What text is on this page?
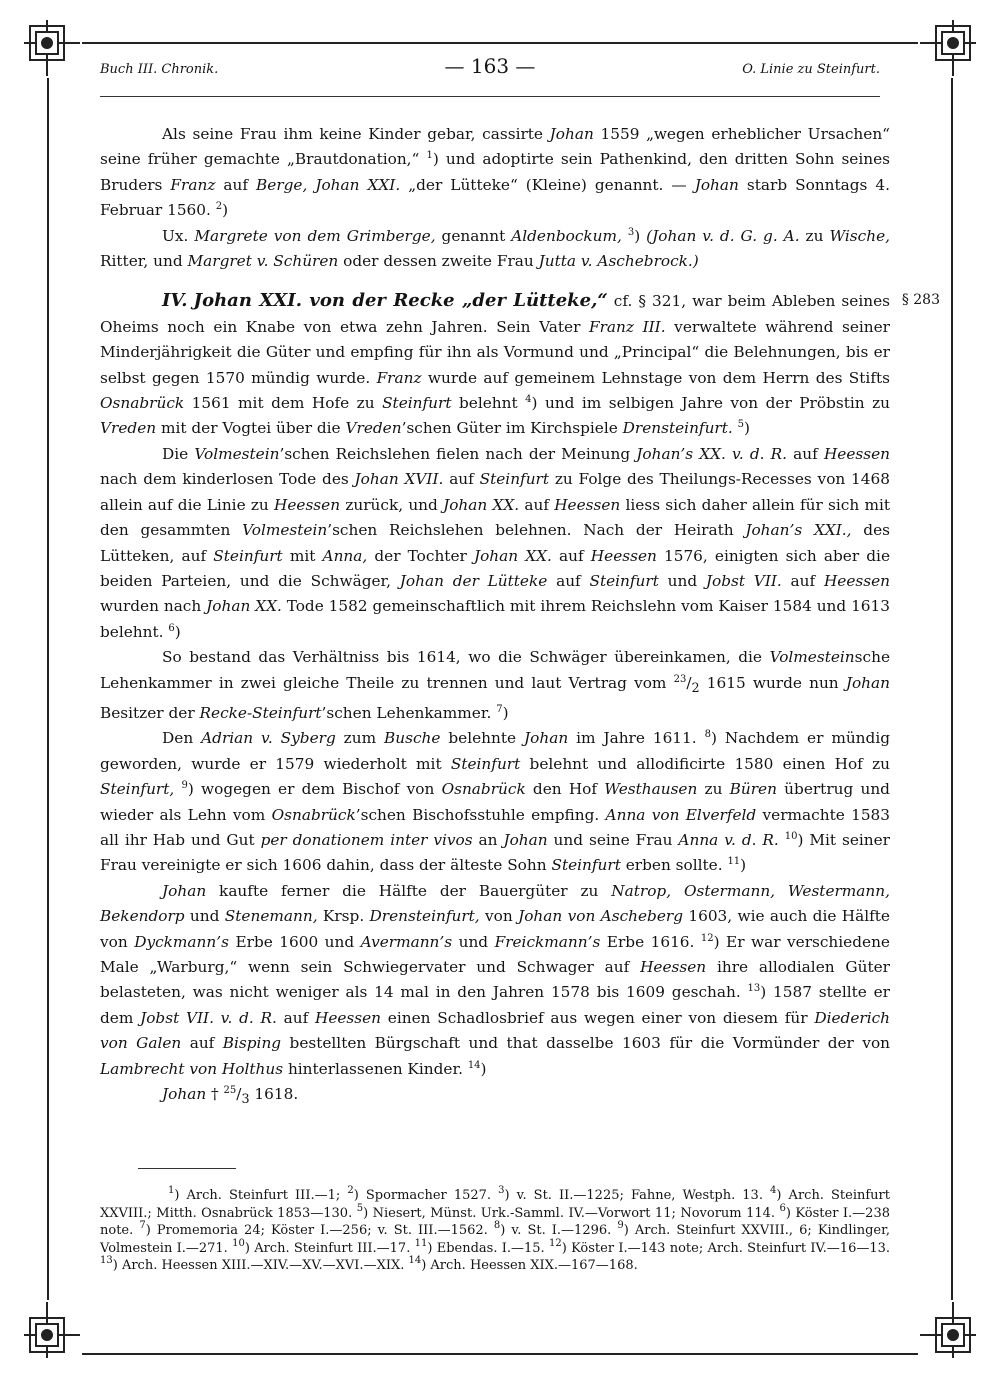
Buch III. Chronik.	— 163 —	O. Linie zu Steinfurt.

Als seine Frau ihm keine Kinder gebar, cassirte Johan 1559 „wegen erheblicher Ursachen“ seine früher gemachte „Brautdonation,“ $^1$) und adoptirte sein Pathenkind, den dritten Sohn seines Bruders Franz auf Berge, Johan XXI. „der Lütteke“ (Kleine) genannt. — Johan starb Sonntags 4. Februar 1560. $^2$)

Ux. Margrete von dem Grimberge, genannt Aldenbockum, $^3$) (Johan v. d. G. g. A. zu Wische, Ritter, und Margret v. Schüren oder dessen zweite Frau Jutta v. Aschebrock.)

IV. Johan XXI. von der Recke „der Lütteke,“ cf. § 321, war beim Ableben seines Oheims noch ein Knabe von etwa zehn Jahren. Sein Vater Franz III. verwaltete während seiner Minderjährigkeit die Güter und empfing für ihn als Vormund und „Principal“ die Belehnungen, bis er selbst gegen 1570 mündig wurde. Franz wurde auf gemeinem Lehnstage von dem Herrn des Stifts Osnabrück 1561 mit dem Hofe zu Steinfurt belehnt $^4$) und im selbigen Jahre von der Pröbstin zu Vreden mit der Vogtei über die Vreden’schen Güter im Kirchspiele Drensteinfurt. $^5$)

§ 283

Die Volmestein’schen Reichslehen fielen nach der Meinung Johan’s XX. v. d. R. auf Heessen nach dem kinderlosen Tode des Johan XVII. auf Steinfurt zu Folge des Theilungs-Recesses von 1468 allein auf die Linie zu Heessen zurück, und Johan XX. auf Heessen liess sich daher allein für sich mit den gesammten Volmestein’schen Reichslehen belehnen. Nach der Heirath Johan’s XXI., des Lütteken, auf Steinfurt mit Anna, der Tochter Johan XX. auf Heessen 1576, einigten sich aber die beiden Parteien, und die Schwäger, Johan der Lütteke auf Steinfurt und Jobst VII. auf Heessen wurden nach Johan XX. Tode 1582 gemeinschaftlich mit ihrem Reichslehn vom Kaiser 1584 und 1613 belehnt. $^6$)

So bestand das Verhältniss bis 1614, wo die Schwäger übereinkamen, die Volmesteinsche Lehenkammer in zwei gleiche Theile zu trennen und laut Vertrag vom $^{23}/_2$ 1615 wurde nun Johan Besitzer der Recke-Steinfurt’schen Lehenkammer. $^7$)

Den Adrian v. Syberg zum Busche belehnte Johan im Jahre 1611. $^8$) Nachdem er mündig geworden, wurde er 1579 wiederholt mit Steinfurt belehnt und allodificirte 1580 einen Hof zu Steinfurt, $^9$) wogegen er dem Bischof von Osnabrück den Hof Westhausen zu Büren übertrug und wieder als Lehn vom Osnabrück’schen Bischofsstuhle empfing. Anna von Elverfeld vermachte 1583 all ihr Hab und Gut per donationem inter vivos an Johan und seine Frau Anna v. d. R. $^{10}$) Mit seiner Frau vereinigte er sich 1606 dahin, dass der älteste Sohn Steinfurt erben sollte. $^{11}$)

Johan kaufte ferner die Hälfte der Bauergüter zu Natrop, Ostermann, Westermann, Bekendorp und Stenemann, Krsp. Drensteinfurt, von Johan von Ascheberg 1603, wie auch die Hälfte von Dyckmann’s Erbe 1600 und Avermann’s und Freickmann’s Erbe 1616. $^{12}$) Er war verschiedene Male „Warburg,“ wenn sein Schwiegervater und Schwager auf Heessen ihre allodialen Güter belasteten, was nicht weniger als 14 mal in den Jahren 1578 bis 1609 geschah. $^{13}$) 1587 stellte er dem Jobst VII. v. d. R. auf Heessen einen Schadlosbrief aus wegen einer von diesem für Diederich von Galen auf Bisping bestellten Bürgschaft und that dasselbe 1603 für die Vormünder der von Lambrecht von Holthus hinterlassenen Kinder. $^{14}$)

Johan † $^{25}/_3$ 1618.

$^1$) Arch. Steinfurt III.—1; $^2$) Spormacher 1527. $^3$) v. St. II.—1225; Fahne, Westph. 13. $^4$) Arch. Steinfurt XXVIII.; Mitth. Osnabrück 1853—130. $^5$) Niesert, Münst. Urk.-Samml. IV.—Vorwort 11; Novorum 114. $^6$) Köster I.—238 note. $^7$) Promemoria 24; Köster I.—256; v. St. III.—1562. $^8$) v. St. I.—1296. $^9$) Arch. Steinfurt XXVIII., 6; Kindlinger, Volmestein I.—271. $^{10}$) Arch. Steinfurt III.—17. $^{11}$) Ebendas. I.—15. $^{12}$) Köster I.—143 note; Arch. Steinfurt IV.—16—13. $^{13}$) Arch. Heessen XIII.—XIV.—XV.—XVI.—XIX. $^{14}$) Arch. Heessen XIX.—167—168.
